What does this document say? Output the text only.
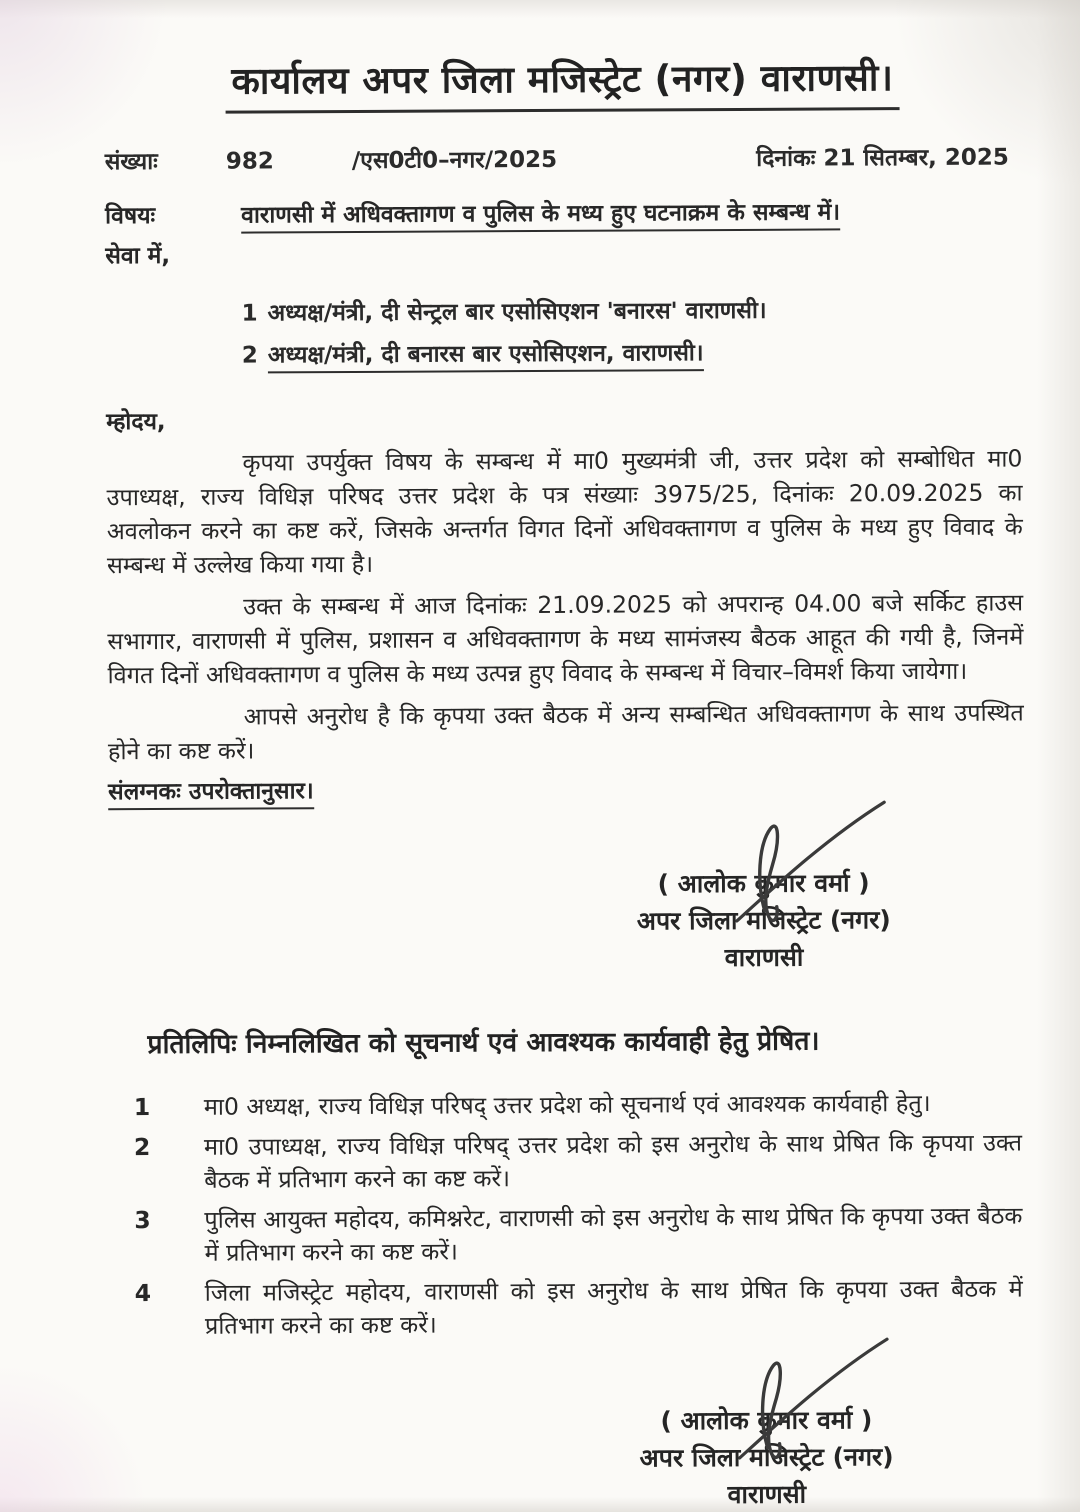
कार्यालय अपर जिला मजिस्ट्रेट (नगर) वाराणसी।
संख्याः	982	/एस0टी0–नगर/2025	दिनांकः 21 सितम्बर, 2025
विषयः	वाराणसी में अधिवक्तागण व पुलिस के मध्य हुए घटनाक्रम के सम्बन्ध में।
सेवा में,
1 अध्यक्ष/मंत्री, दी सेन्ट्रल बार एसोसिएशन 'बनारस' वाराणसी।
2 अध्यक्ष/मंत्री, दी बनारस बार एसोसिएशन, वाराणसी।
म्होदय,

कृपया उपर्युक्त विषय के सम्बन्ध में मा0 मुख्यमंत्री जी, उत्तर प्रदेश को सम्बोधित मा0 उपाध्यक्ष, राज्य विधिज्ञ परिषद उत्तर प्रदेश के पत्र संख्याः 3975/25, दिनांकः 20.09.2025 का अवलोकन करने का कष्ट करें, जिसके अन्तर्गत विगत दिनों अधिवक्तागण व पुलिस के मध्य हुए विवाद के सम्बन्ध में उल्लेख किया गया है।

उक्त के सम्बन्ध में आज दिनांकः 21.09.2025 को अपरान्ह 04.00 बजे सर्किट हाउस सभागार, वाराणसी में पुलिस, प्रशासन व अधिवक्तागण के मध्य सामंजस्य बैठक आहूत की गयी है, जिनमें विगत दिनों अधिवक्तागण व पुलिस के मध्य उत्पन्न हुए विवाद के सम्बन्ध में विचार–विमर्श किया जायेगा।

आपसे अनुरोध है कि कृपया उक्त बैठक में अन्य सम्बन्धित अधिवक्तागण के साथ उपस्थित होने का कष्ट करें।

संलग्नकः उपरोक्तानुसार।
( आलोक कुमार वर्मा )
अपर जिला मजिस्ट्रेट (नगर)
वाराणसी
प्रतिलिपिः निम्नलिखित को सूचनार्थ एवं आवश्यक कार्यवाही हेतु प्रेषित।
1	मा0 अध्यक्ष, राज्य विधिज्ञ परिषद् उत्तर प्रदेश को सूचनार्थ एवं आवश्यक कार्यवाही हेतु।
2	मा0 उपाध्यक्ष, राज्य विधिज्ञ परिषद् उत्तर प्रदेश को इस अनुरोध के साथ प्रेषित कि कृपया उक्त बैठक में प्रतिभाग करने का कष्ट करें।
3	पुलिस आयुक्त महोदय, कमिश्नरेट, वाराणसी को इस अनुरोध के साथ प्रेषित कि कृपया उक्त बैठक में प्रतिभाग करने का कष्ट करें।
4	जिला मजिस्ट्रेट महोदय, वाराणसी को इस अनुरोध के साथ प्रेषित कि कृपया उक्त बैठक में प्रतिभाग करने का कष्ट करें।
( आलोक कुमार वर्मा )
अपर जिला मजिस्ट्रेट (नगर)
वाराणसी
